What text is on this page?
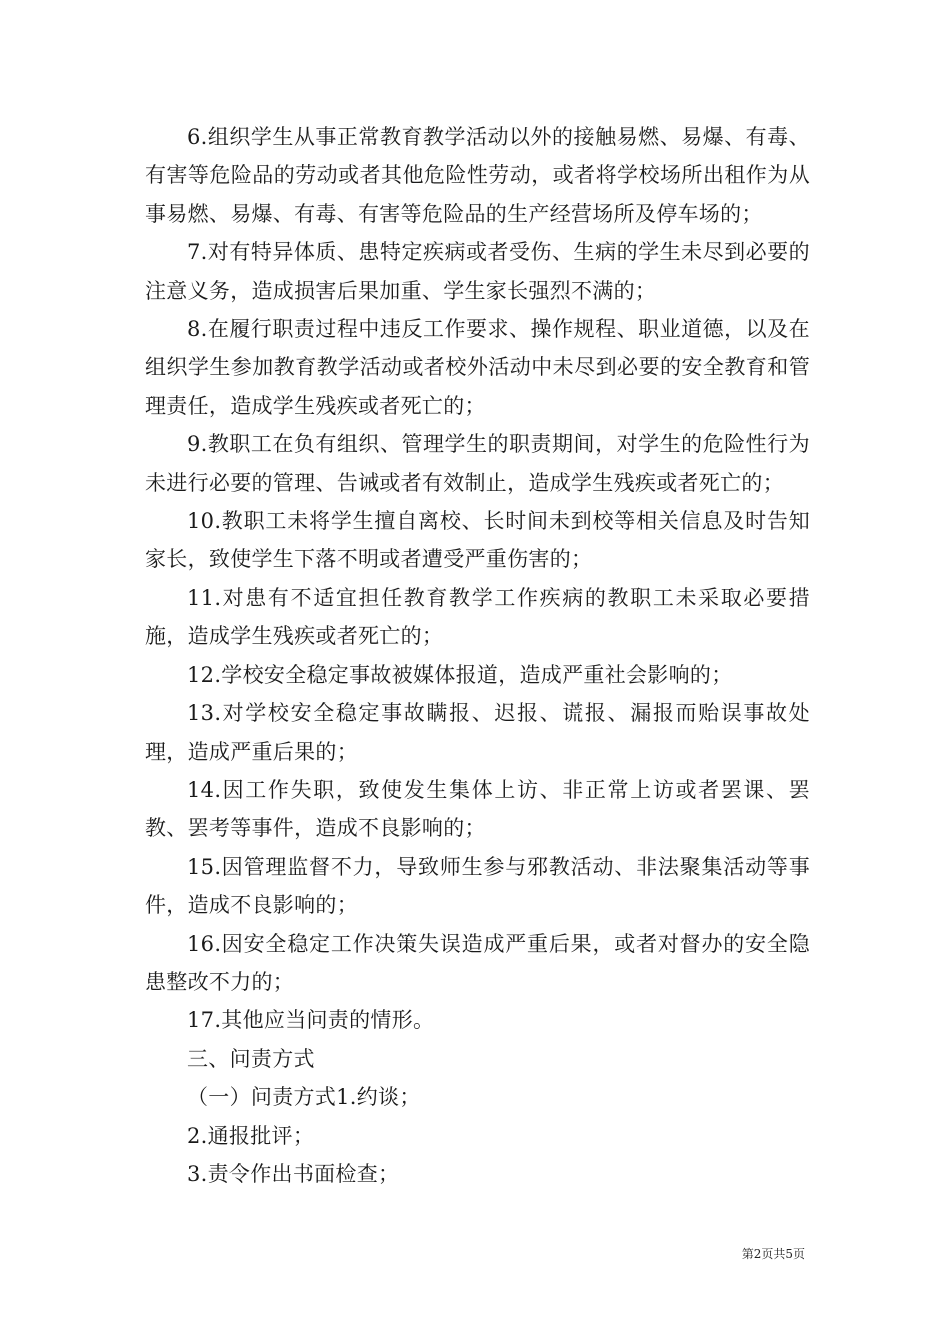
6.组织学生从事正常教育教学活动以外的接触易燃、易爆、有毒、有害等危险品的劳动或者其他危险性劳动，或者将学校场所出租作为从事易燃、易爆、有毒、有害等危险品的生产经营场所及停车场的；

7.对有特异体质、患特定疾病或者受伤、生病的学生未尽到必要的注意义务，造成损害后果加重、学生家长强烈不满的；

8.在履行职责过程中违反工作要求、操作规程、职业道德，以及在组织学生参加教育教学活动或者校外活动中未尽到必要的安全教育和管理责任，造成学生残疾或者死亡的；

9.教职工在负有组织、管理学生的职责期间，对学生的危险性行为未进行必要的管理、告诫或者有效制止，造成学生残疾或者死亡的；

10.教职工未将学生擅自离校、长时间未到校等相关信息及时告知家长，致使学生下落不明或者遭受严重伤害的；

11.对患有不适宜担任教育教学工作疾病的教职工未采取必要措施，造成学生残疾或者死亡的；

12.学校安全稳定事故被媒体报道，造成严重社会影响的；

13.对学校安全稳定事故瞒报、迟报、谎报、漏报而贻误事故处理，造成严重后果的；

14.因工作失职，致使发生集体上访、非正常上访或者罢课、罢教、罢考等事件，造成不良影响的；

15.因管理监督不力，导致师生参与邪教活动、非法聚集活动等事件，造成不良影响的；

16.因安全稳定工作决策失误造成严重后果，或者对督办的安全隐患整改不力的；

17.其他应当问责的情形。

三、问责方式

（一）问责方式1.约谈；

2.通报批评；

3.责令作出书面检查；

第2页共5页
